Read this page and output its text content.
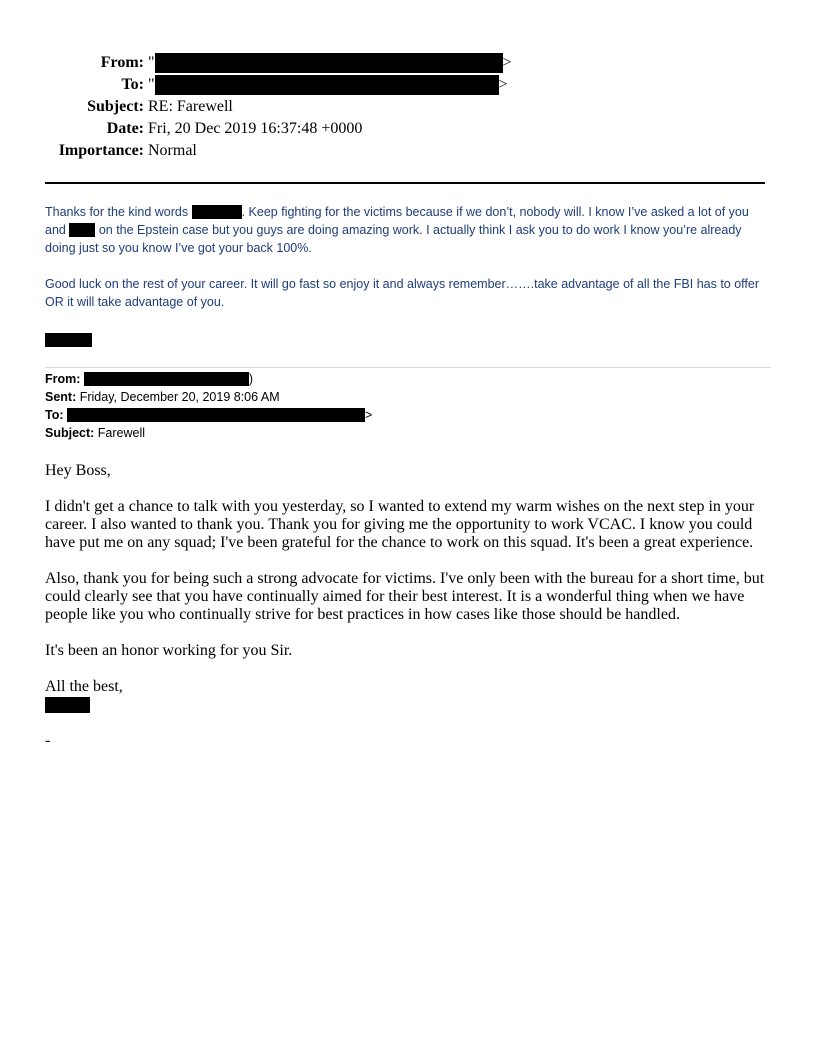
From: "	>
To: "	>
Subject: RE: Farewell
Date: Fri, 20 Dec 2019 16:37:48 +0000
Importance: Normal
Thanks for the kind words	. Keep fighting for the victims because if we don’t, nobody will. I know I’ve asked a lot of you and  on the Epstein case but you guys are doing amazing work. I actually think I ask you to do work I know you’re already doing just so you know I’ve got your back 100%.
Good luck on the rest of your career. It will go fast so enjoy it and always remember…….take advantage of all the FBI has to offer OR it will take advantage of you.
From:	)
Sent: Friday, December 20, 2019 8:06 AM
To:	>
Subject: Farewell
Hey Boss,
I didn't get a chance to talk with you yesterday, so I wanted to extend my warm wishes on the next step in your career. I also wanted to thank you. Thank you for giving me the opportunity to work VCAC. I know you could have put me on any squad; I've been grateful for the chance to work on this squad. It's been a great experience.
Also, thank you for being such a strong advocate for victims. I've only been with the bureau for a short time, but could clearly see that you have continually aimed for their best interest. It is a wonderful thing when we have people like you who continually strive for best practices in how cases like those should be handled.
It's been an honor working for you Sir.
All the best,
-
